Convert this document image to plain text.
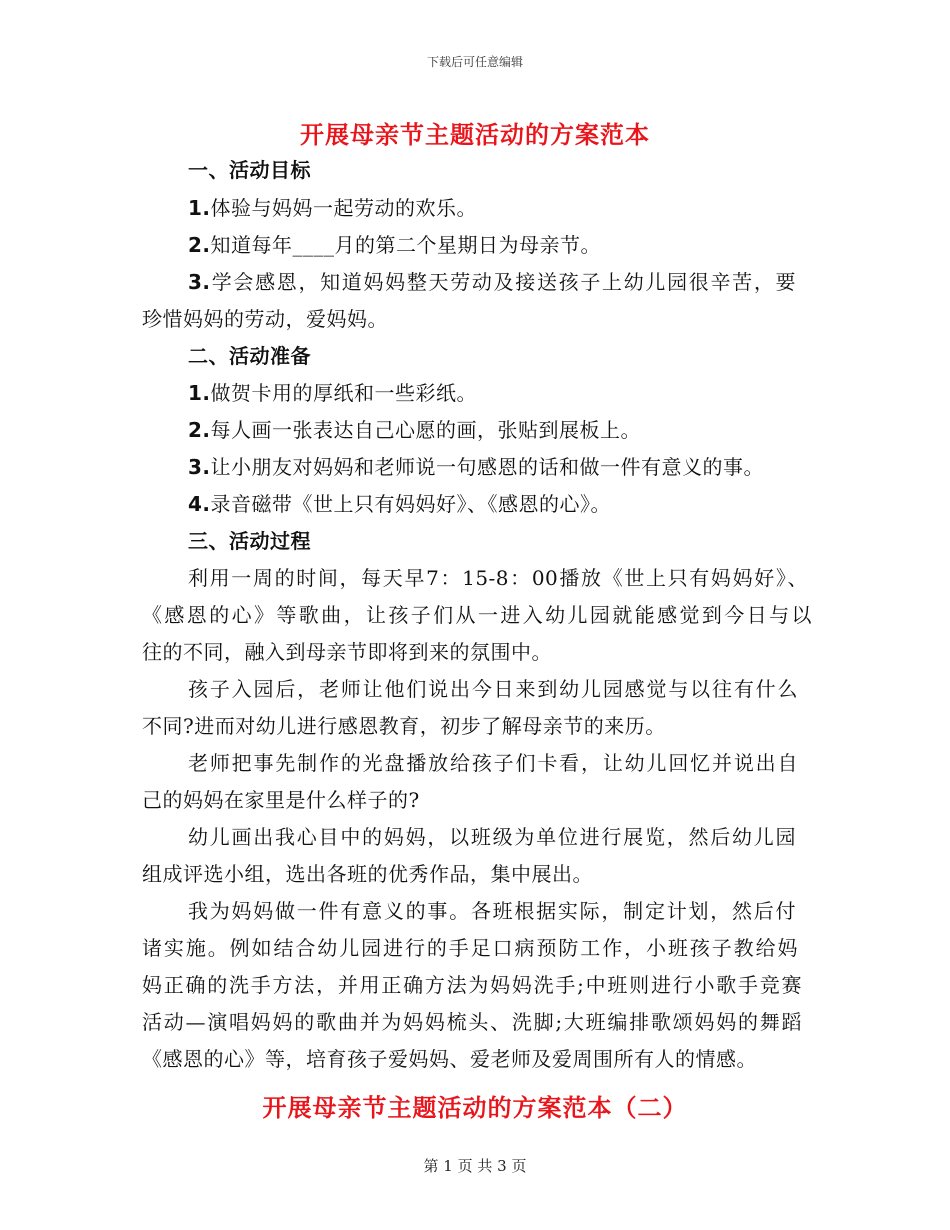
下载后可任意编辑
开展母亲节主题活动的方案范本
一、活动目标
1.体验与妈妈一起劳动的欢乐。
2.知道每年____月的第二个星期日为母亲节。
3.学会感恩，知道妈妈整天劳动及接送孩子上幼儿园很辛苦，要
珍惜妈妈的劳动，爱妈妈。
二、活动准备
1.做贺卡用的厚纸和一些彩纸。
2.每人画一张表达自己心愿的画，张贴到展板上。
3.让小朋友对妈妈和老师说一句感恩的话和做一件有意义的事。
4.录音磁带《世上只有妈妈好》、《感恩的心》。
三、活动过程
利用一周的时间，每天早7：15-8：00播放《世上只有妈妈好》、
《感恩的心》等歌曲，让孩子们从一进入幼儿园就能感觉到今日与以
往的不同，融入到母亲节即将到来的氛围中。
孩子入园后，老师让他们说出今日来到幼儿园感觉与以往有什么
不同?进而对幼儿进行感恩教育，初步了解母亲节的来历。
老师把事先制作的光盘播放给孩子们卡看，让幼儿回忆并说出自
己的妈妈在家里是什么样子的?
幼儿画出我心目中的妈妈，以班级为单位进行展览，然后幼儿园
组成评选小组，选出各班的优秀作品，集中展出。
我为妈妈做一件有意义的事。各班根据实际，制定计划，然后付
诸实施。例如结合幼儿园进行的手足口病预防工作，小班孩子教给妈
妈正确的洗手方法，并用正确方法为妈妈洗手;中班则进行小歌手竞赛
活动—演唱妈妈的歌曲并为妈妈梳头、洗脚;大班编排歌颂妈妈的舞蹈
《感恩的心》等，培育孩子爱妈妈、爱老师及爱周围所有人的情感。
开展母亲节主题活动的方案范本（二）
第 1 页 共 3 页
